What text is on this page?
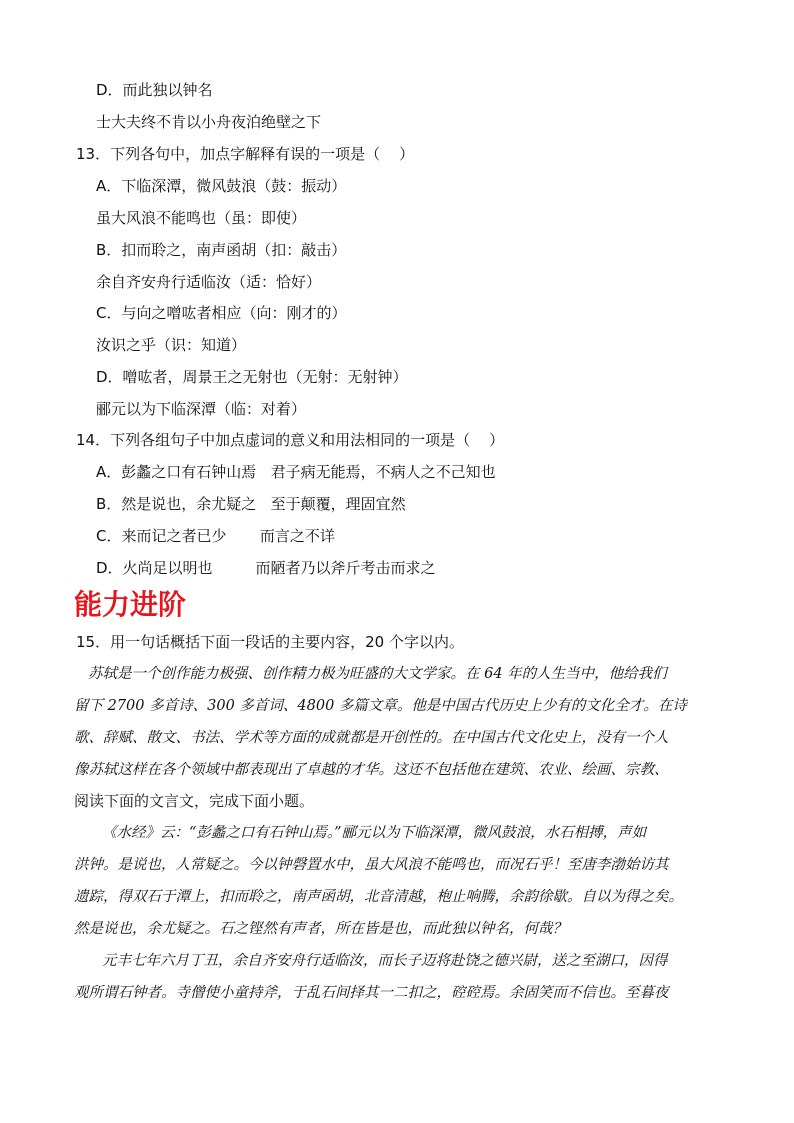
D．而此独以钟名
士大夫终不肯以小舟夜泊绝壁之下
13．下列各句中，加点字解释有误的一项是（    ）
A．下临深潭，微风鼓浪（鼓：振动）
虽大风浪不能鸣也（虽：即使）
B．扣而聆之，南声函胡（扣：敲击）
余自齐安舟行适临汝（适：恰好）
C．与向之噌吰者相应（向：刚才的）
汝识之乎（识：知道）
D．噌吰者，周景王之无射也（无射：无射钟）
郦元以为下临深潭（临：对着）
14．下列各组句子中加点虚词的意义和用法相同的一项是（    ）
A．彭蠡之口有石钟山焉   君子病无能焉，不病人之不己知也
B．然是说也，余尤疑之   至于颠覆，理固宜然
C．来而记之者已少       而言之不详
D．火尚足以明也         而陋者乃以斧斤考击而求之
能力进阶
15．用一句话概括下面一段话的主要内容，20 个字以内。
苏轼是一个创作能力极强、创作精力极为旺盛的大文学家。在 64 年的人生当中，他给我们
留下 2700 多首诗、300 多首词、4800 多篇文章。他是中国古代历史上少有的文化全才。在诗
歌、辞赋、散文、书法、学术等方面的成就都是开创性的。在中国古代文化史上，没有一个人
像苏轼这样在各个领域中都表现出了卓越的才华。这还不包括他在建筑、农业、绘画、宗教、
阅读下面的文言文，完成下面小题。
《水经》云：“彭蠡之口有石钟山焉。”郦元以为下临深潭，微风鼓浪，水石相搏，声如
洪钟。是说也，人常疑之。今以钟磬置水中，虽大风浪不能鸣也，而况石乎！至唐李渤始访其
遗踪，得双石于潭上，扣而聆之，南声函胡，北音清越，枹止响腾，余韵徐歇。自以为得之矣。
然是说也，余尤疑之。石之铿然有声者，所在皆是也，而此独以钟名，何哉？
元丰七年六月丁丑，余自齐安舟行适临汝，而长子迈将赴饶之德兴尉，送之至湖口，因得
观所谓石钟者。寺僧使小童持斧，于乱石间择其一二扣之，硿硿焉。余固笑而不信也。至暮夜
